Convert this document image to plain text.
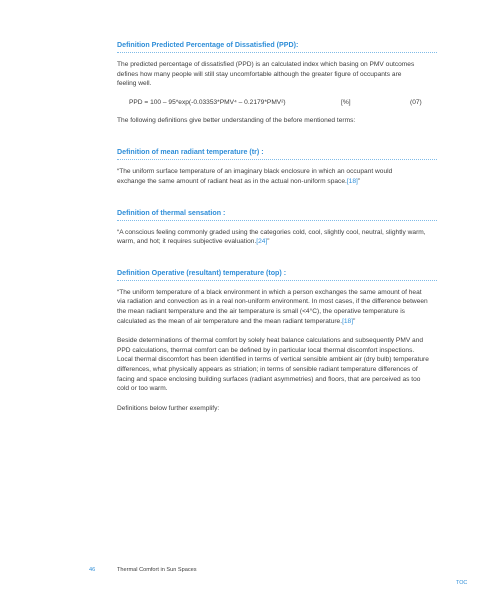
Definition Predicted Percentage of Dissatisfied (PPD):

The predicted percentage of dissatisfied (PPD) is an calculated index which basing on PMV outcomes defines how many people will still stay uncomfortable although the greater figure of occupants are feeling well.

PPD = 100 – 95*exp(-0.03353*PMV⁴ – 0.2179*PMV²)	[%]	(07)

The following definitions give better understanding of the before mentioned terms:

Definition of mean radiant temperature (tr) :

“The uniform surface temperature of an imaginary black enclosure in which an occupant would exchange the same amount of radiant heat as in the actual non-uniform space.[18]”

Definition of thermal sensation :

“A conscious feeling commonly graded using the categories cold, cool, slightly cool, neutral, slightly warm, warm, and hot; it requires subjective evaluation.[24]”

Definition Operative (resultant) temperature (top) :

“The uniform temperature of a black environment in which a person exchanges the same amount of heat via radiation and convection as in a real non-uniform environment. In most cases, if the difference between the mean radiant temperature and the air temperature is small (<4°C), the operative temperature is calculated as the mean of air temperature and the mean radiant temperature.[18]”

Beside determinations of thermal comfort by solely heat balance calculations and subsequently PMV and PPD calculations, thermal comfort can be defined by in particular local thermal discomfort inspections. Local thermal discomfort has been identified in terms of vertical sensible ambient air (dry bulb) temperature differences, what physically appears as striation; in terms of sensible radiant temperature differences of facing and space enclosing building surfaces (radiant asymmetries) and floors, that are perceived as too cold or too warm.

Definitions below further exemplify:

46	Thermal Comfort in Sun Spaces
TOC
